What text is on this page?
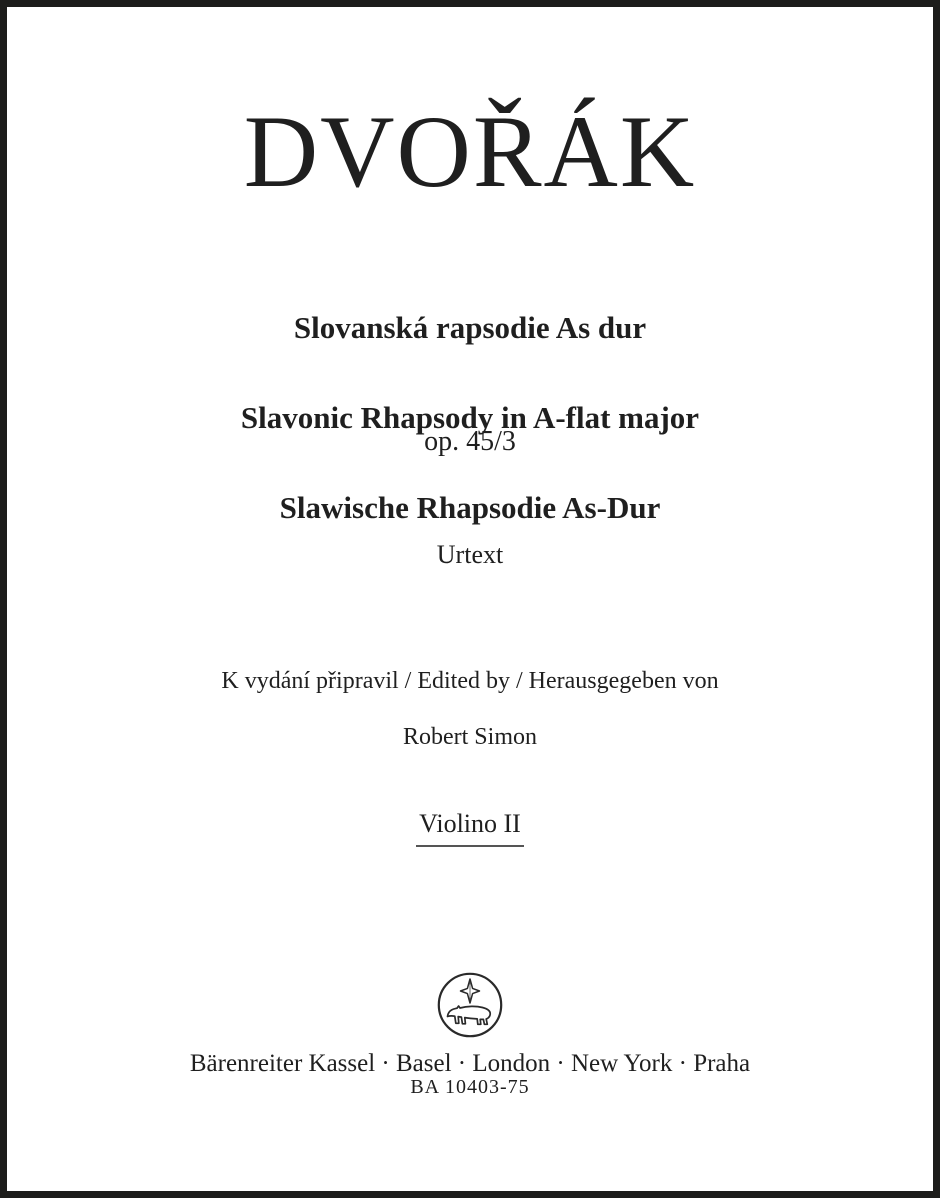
DVOŘÁK

Slovanská rapsodie As dur

Slavonic Rhapsody in A-flat major

Slawische Rhapsodie As-Dur

op. 45/3
Urtext

K vydání připravil / Edited by / Herausgegeben von

Robert Simon

Violino II

Bärenreiter Kassel · Basel · London · New York · Praha
BA 10403-75
